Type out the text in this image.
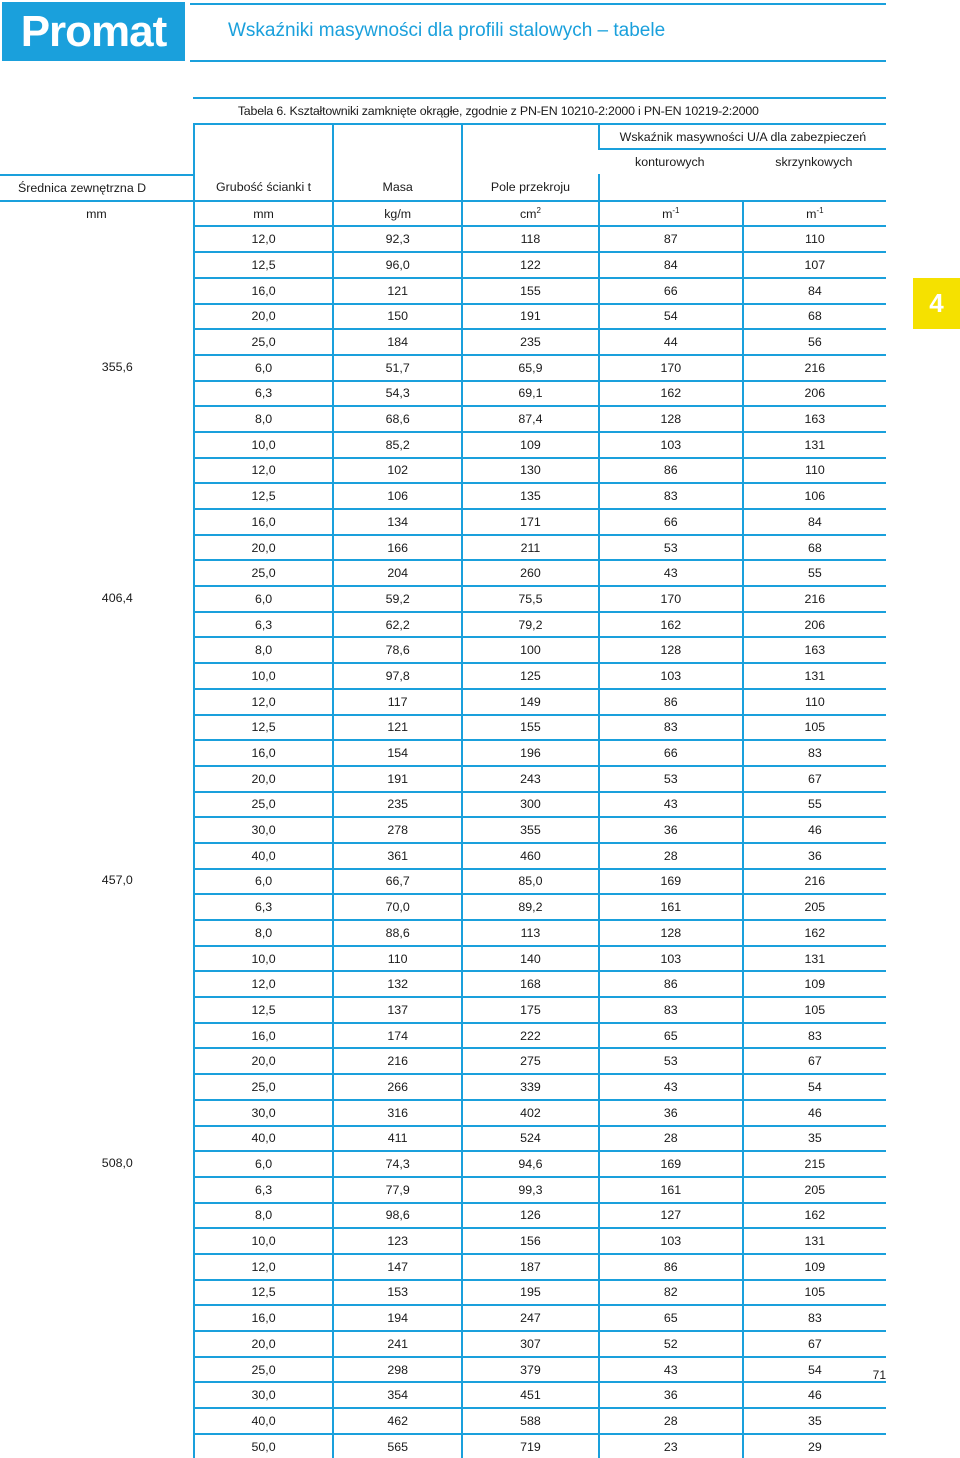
Promat	Wskaźniki masywności dla profili stalowych – tabele
4
	Tabela 6. Kształtowniki zamknięte okrągłe, zgodnie z PN-EN 10210-2:2000 i PN-EN 10219-2:2000				
				Wskaźnik masywności U/A dla zabezpieczeń	
				konturowych	skrzynkowych
Średnica zewnętrzna D	Grubość ścianki t	Masa	Pole przekroju		
mm	mm	kg/m	$cm^2$	$m^{-1}$	$m^{-1}$
	12,0	92,3	118	87	110
	12,5	96,0	122	84	107
	16,0	121	155	66	84
	20,0	150	191	54	68
	25,0	184	235	44	56
355,6	6,0	51,7	65,9	170	216
	6,3	54,3	69,1	162	206
	8,0	68,6	87,4	128	163
	10,0	85,2	109	103	131
	12,0	102	130	86	110
	12,5	106	135	83	106
	16,0	134	171	66	84
	20,0	166	211	53	68
	25,0	204	260	43	55
406,4	6,0	59,2	75,5	170	216
	6,3	62,2	79,2	162	206
	8,0	78,6	100	128	163
	10,0	97,8	125	103	131
	12,0	117	149	86	110
	12,5	121	155	83	105
	16,0	154	196	66	83
	20,0	191	243	53	67
	25,0	235	300	43	55
	30,0	278	355	36	46
	40,0	361	460	28	36
457,0	6,0	66,7	85,0	169	216
	6,3	70,0	89,2	161	205
	8,0	88,6	113	128	162
	10,0	110	140	103	131
	12,0	132	168	86	109
	12,5	137	175	83	105
	16,0	174	222	65	83
	20,0	216	275	53	67
	25,0	266	339	43	54
	30,0	316	402	36	46
	40,0	411	524	28	35
508,0	6,0	74,3	94,6	169	215
	6,3	77,9	99,3	161	205
	8,0	98,6	126	127	162
	10,0	123	156	103	131
	12,0	147	187	86	109
	12,5	153	195	82	105
	16,0	194	247	65	83
	20,0	241	307	52	67
	25,0	298	379	43	54
	30,0	354	451	36	46
	40,0	462	588	28	35
	50,0	565	719	23	29
71
